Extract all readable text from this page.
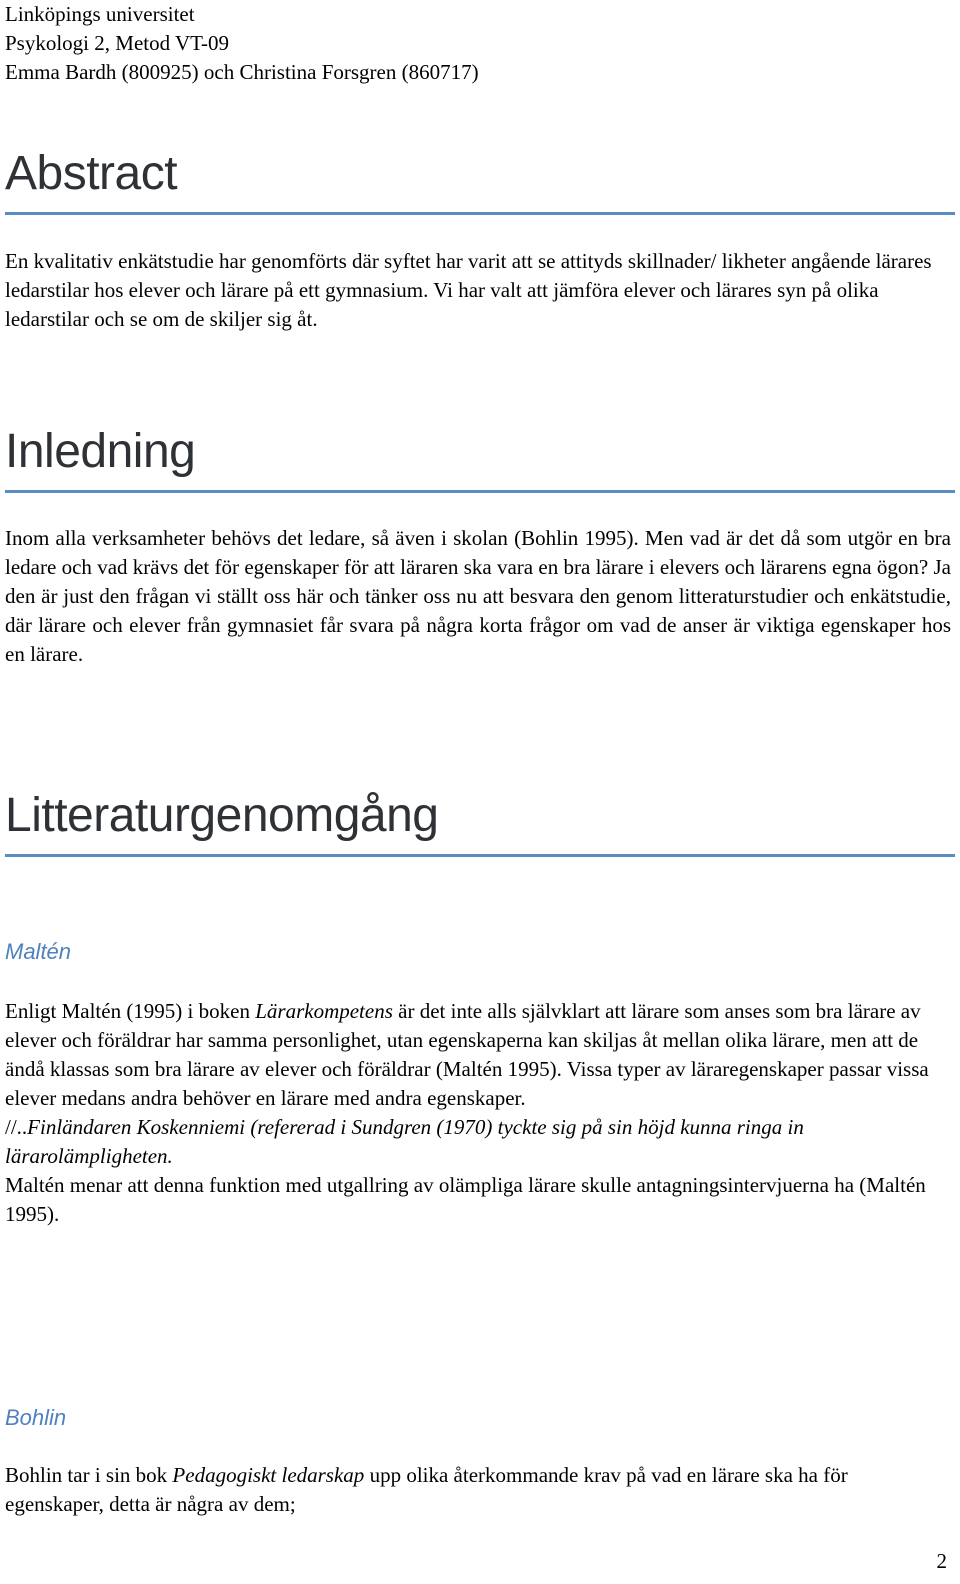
Linköpings universitet
Psykologi 2, Metod VT-09
Emma Bardh (800925) och Christina Forsgren (860717)
Abstract

En kvalitativ enkätstudie har genomförts där syftet har varit att se attityds skillnader/ likheter angående lärares ledarstilar hos elever och lärare på ett gymnasium. Vi har valt att jämföra elever och lärares syn på olika ledarstilar och se om de skiljer sig åt.

Inledning

Inom alla verksamheter behövs det ledare, så även i skolan (Bohlin 1995). Men vad är det då som utgör en bra ledare och vad krävs det för egenskaper för att läraren ska vara en bra lärare i elevers och lärarens egna ögon? Ja den är just den frågan vi ställt oss här och tänker oss nu att besvara den genom litteraturstudier och enkätstudie, där lärare och elever från gymnasiet får svara på några korta frågor om vad de anser är viktiga egenskaper hos en lärare.

Litteraturgenomgång
Maltén

Enligt Maltén (1995) i boken Lärarkompetens är det inte alls självklart att lärare som anses som bra lärare av elever och föräldrar har samma personlighet, utan egenskaperna kan skiljas åt mellan olika lärare, men att de ändå klassas som bra lärare av elever och föräldrar (Maltén 1995). Vissa typer av läraregenskaper passar vissa elever medans andra behöver en lärare med andra egenskaper.

//..Finländaren Koskenniemi (refererad i Sundgren (1970) tyckte sig på sin höjd kunna ringa in lärarolämpligheten.

Maltén menar att denna funktion med utgallring av olämpliga lärare skulle antagningsintervjuerna ha (Maltén 1995).

Bohlin

Bohlin tar i sin bok Pedagogiskt ledarskap upp olika återkommande krav på vad en lärare ska ha för egenskaper, detta är några av dem;

2
